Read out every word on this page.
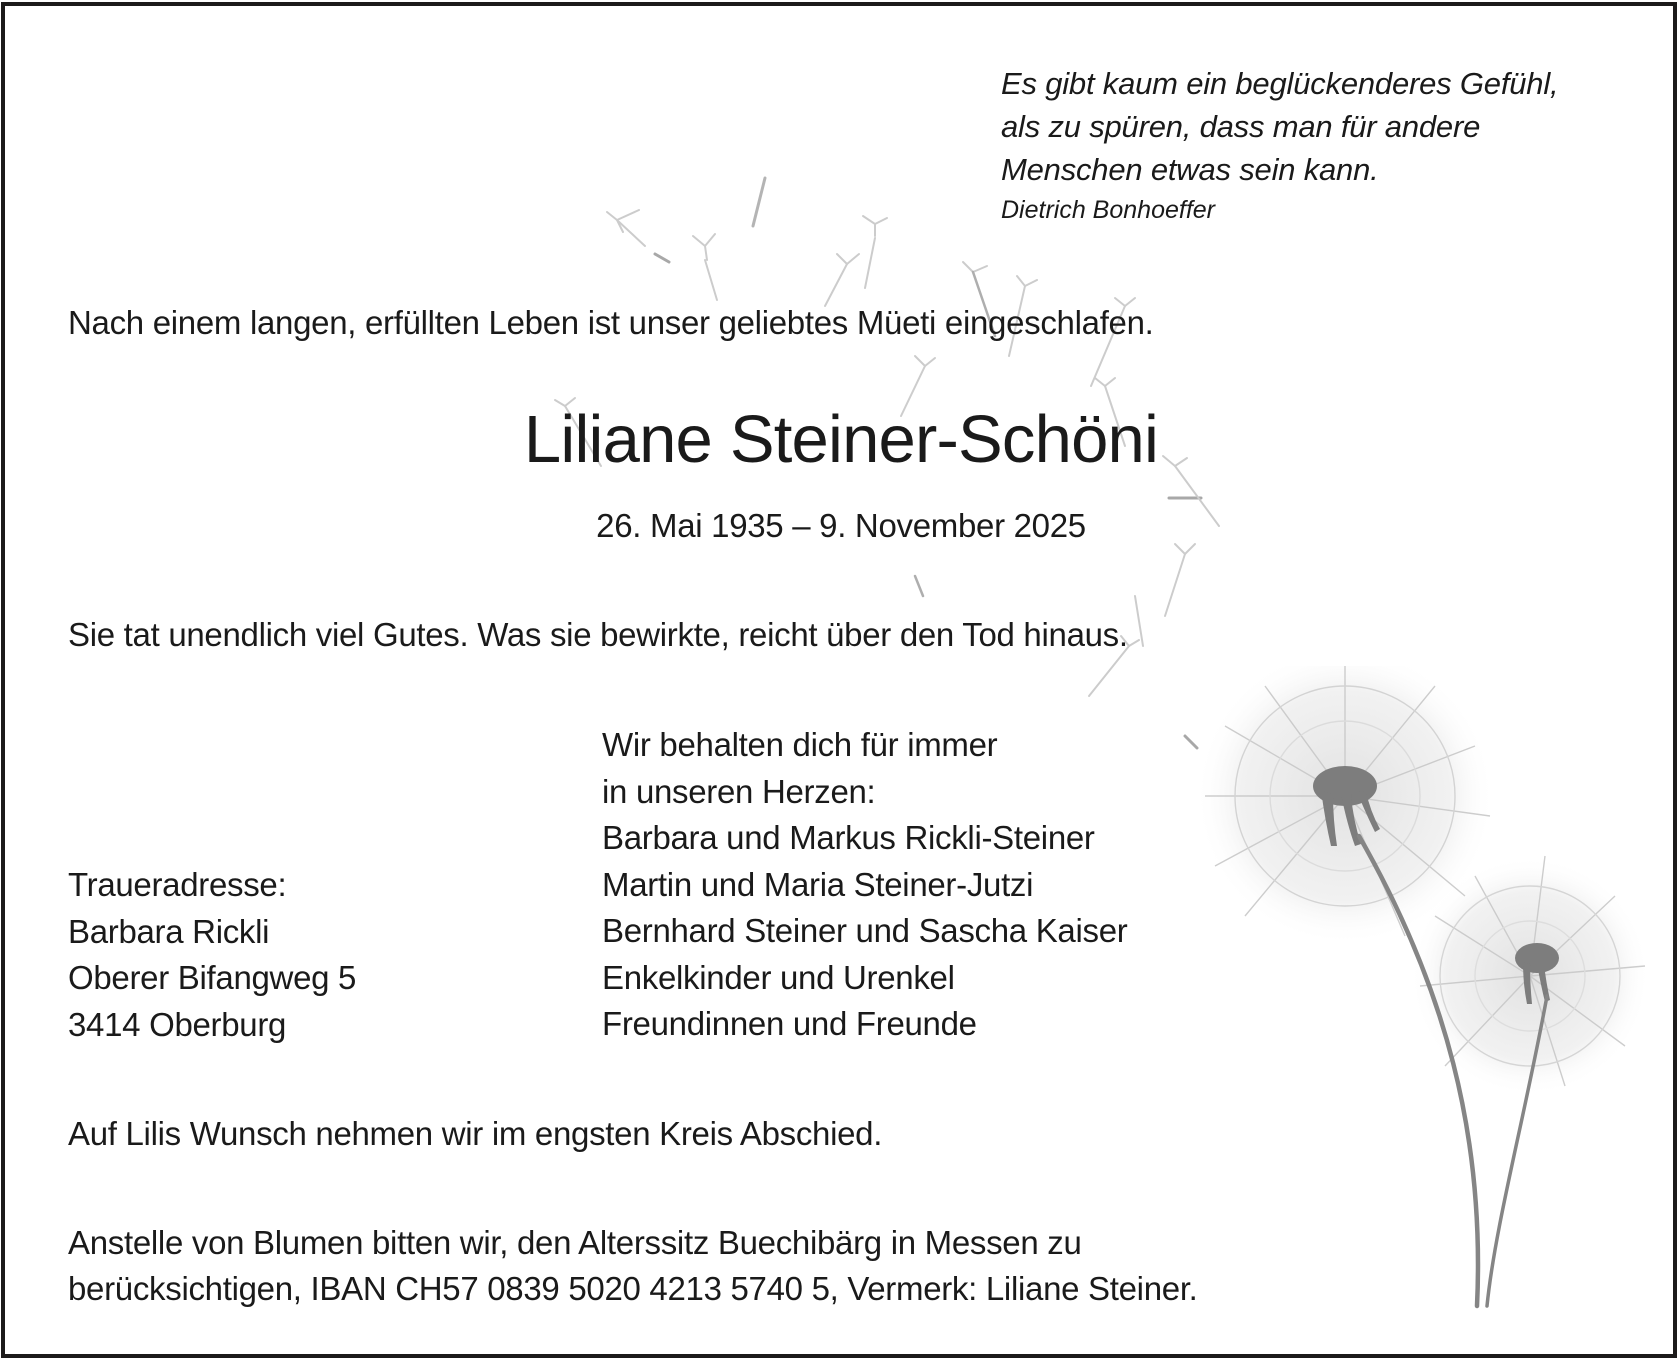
Es gibt kaum ein beglückenderes Gefühl,
als zu spüren, dass man für andere
Menschen etwas sein kann.
Dietrich Bonhoeffer
Nach einem langen, erfüllten Leben ist unser geliebtes Müeti eingeschlafen.
Liliane Steiner-Schöni
26. Mai 1935 – 9. November 2025
Sie tat unendlich viel Gutes. Was sie bewirkte, reicht über den Tod hinaus.
Wir behalten dich für immer
in unseren Herzen:
Barbara und Markus Rickli-Steiner
Martin und Maria Steiner-Jutzi
Bernhard Steiner und Sascha Kaiser
Enkelkinder und Urenkel
Freundinnen und Freunde
Traueradresse:
Barbara Rickli
Oberer Bifangweg 5
3414 Oberburg
Auf Lilis Wunsch nehmen wir im engsten Kreis Abschied.
Anstelle von Blumen bitten wir, den Alterssitz Buechibärg in Messen zu
berücksichtigen, IBAN CH57 0839 5020 4213 5740 5, Vermerk: Liliane Steiner.
